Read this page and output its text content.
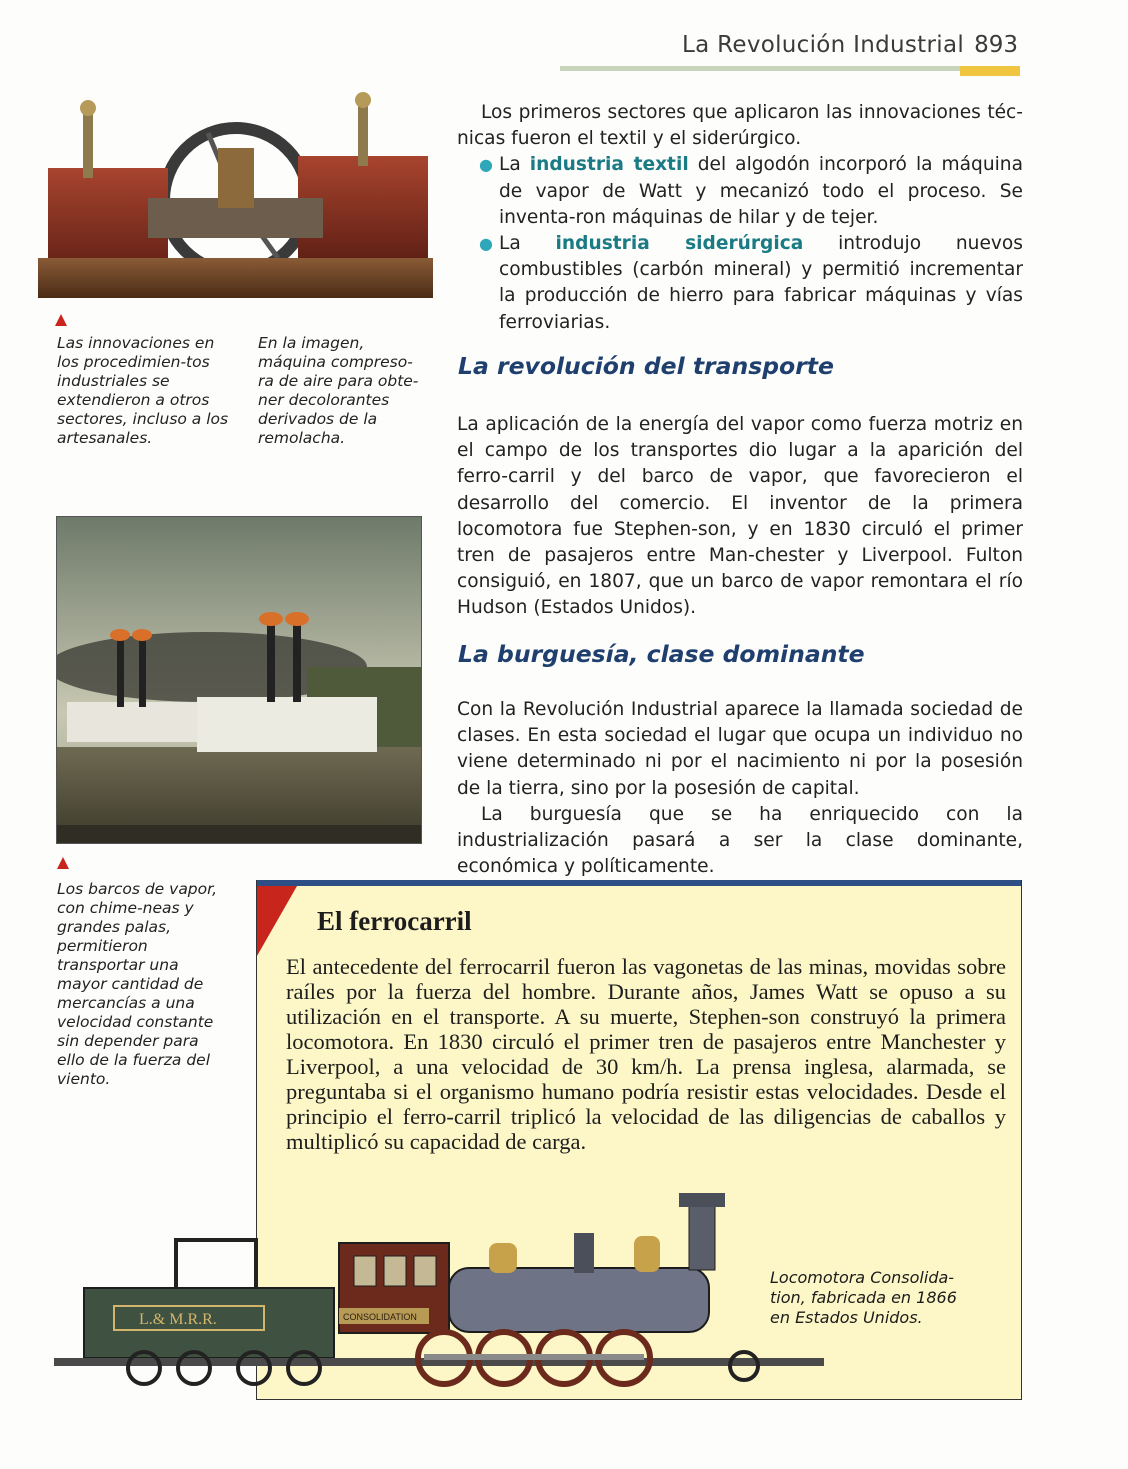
La Revolución Industrial 893
Las innovaciones en los procedimien-tos industriales se extendieron a otros sectores, incluso a los artesanales.
En la imagen, máquina compreso-ra de aire para obte-ner decolorantes derivados de la remolacha.
Los barcos de vapor, con chime-neas y grandes palas, permitieron transportar una mayor cantidad de mercancías a una velocidad constante sin depender para ello de la fuerza del viento.
Los primeros sectores que aplicaron las innovaciones téc-nicas fueron el textil y el siderúrgico.
● La industria textil del algodón incorporó la máquina de vapor de Watt y mecanizó todo el proceso. Se inventa-ron máquinas de hilar y de tejer.
● La industria siderúrgica introdujo nuevos combustibles (carbón mineral) y permitió incrementar la producción de hierro para fabricar máquinas y vías ferroviarias.
La revolución del transporte
La aplicación de la energía del vapor como fuerza motriz en el campo de los transportes dio lugar a la aparición del ferro-carril y del barco de vapor, que favorecieron el desarrollo del comercio. El inventor de la primera locomotora fue Stephen-son, y en 1830 circuló el primer tren de pasajeros entre Man-chester y Liverpool. Fulton consiguió, en 1807, que un barco de vapor remontara el río Hudson (Estados Unidos).
La burguesía, clase dominante
Con la Revolución Industrial aparece la llamada sociedad de clases. En esta sociedad el lugar que ocupa un individuo no viene determinado ni por el nacimiento ni por la posesión de la tierra, sino por la posesión de capital.
La burguesía que se ha enriquecido con la industrialización pasará a ser la clase dominante, económica y políticamente.
El ferrocarril
El antecedente del ferrocarril fueron las vagonetas de las minas, movidas sobre raíles por la fuerza del hombre. Durante años, James Watt se opuso a su utilización en el transporte. A su muerte, Stephen-son construyó la primera locomotora. En 1830 circuló el primer tren de pasajeros entre Manchester y Liverpool, a una velocidad de 30 km/h. La prensa inglesa, alarmada, se preguntaba si el organismo humano podría resistir estas velocidades. Desde el principio el ferro-carril triplicó la velocidad de las diligencias de caballos y multiplicó su capacidad de carga.
L.& M.R.R.	CONSOLIDATION
Locomotora Consolida-tion, fabricada en 1866 en Estados Unidos.
